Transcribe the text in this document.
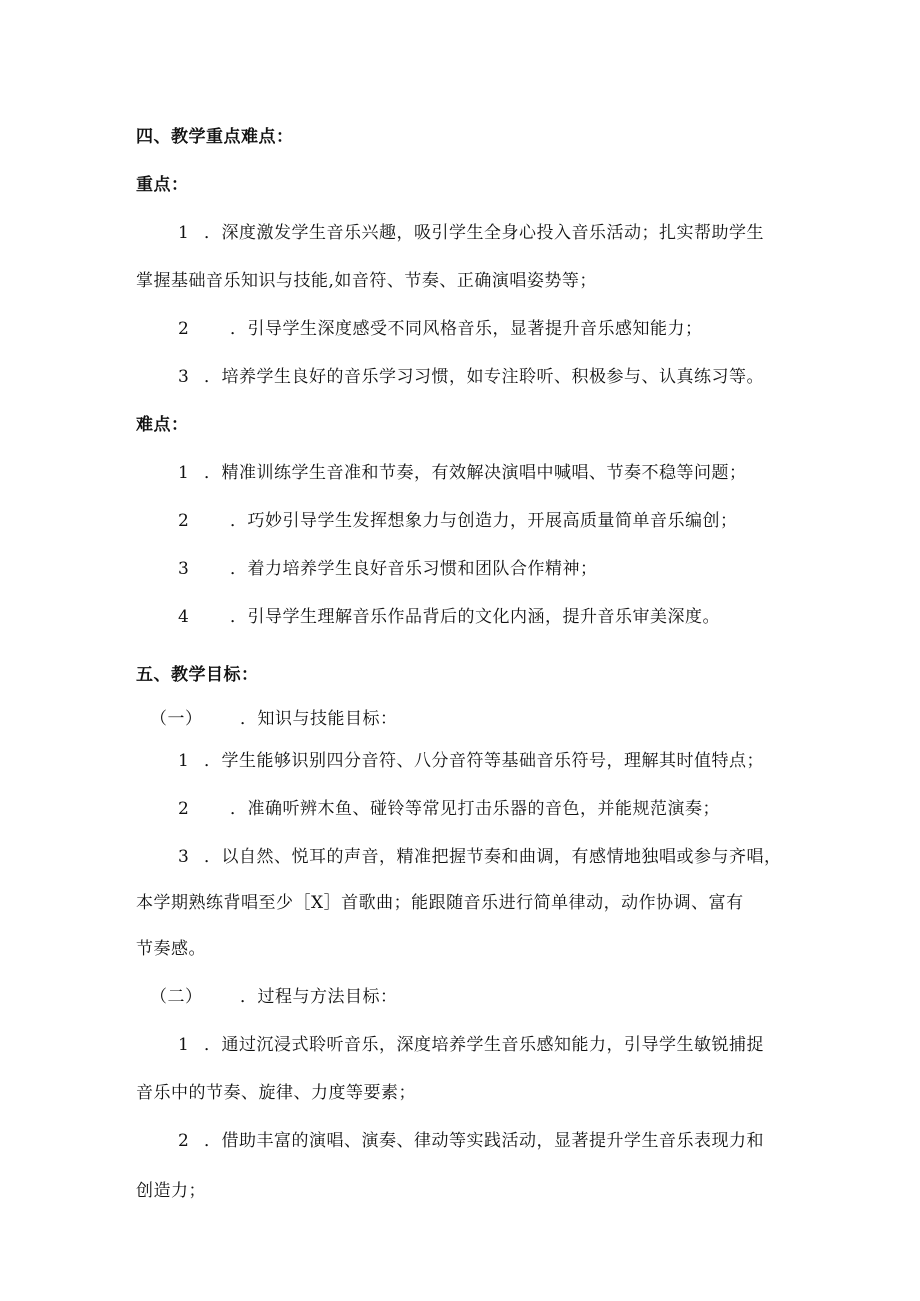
四、教学重点难点：
重点：
1 ．深度激发学生音乐兴趣，吸引学生全身心投入音乐活动；扎实帮助学生
掌握基础音乐知识与技能,如音符、节奏、正确演唱姿势等；
2 ．引导学生深度感受不同风格音乐，显著提升音乐感知能力；
3 ．培养学生良好的音乐学习习惯，如专注聆听、积极参与、认真练习等。
难点：
1 ．精准训练学生音准和节奏，有效解决演唱中喊唱、节奏不稳等问题；
2 ．巧妙引导学生发挥想象力与创造力，开展高质量简单音乐编创；
3 ．着力培养学生良好音乐习惯和团队合作精神；
4 ．引导学生理解音乐作品背后的文化内涵，提升音乐审美深度。
五、教学目标：
（一） ．知识与技能目标：
1 ．学生能够识别四分音符、八分音符等基础音乐符号，理解其时值特点；
2 ．准确听辨木鱼、碰铃等常见打击乐器的音色，并能规范演奏；
3 ．以自然、悦耳的声音，精准把握节奏和曲调，有感情地独唱或参与齐唱，
本学期熟练背唱至少［X］首歌曲；能跟随音乐进行简单律动，动作协调、富有
节奏感。
（二） ．过程与方法目标：
1 ．通过沉浸式聆听音乐，深度培养学生音乐感知能力，引导学生敏锐捕捉
音乐中的节奏、旋律、力度等要素；
2 ．借助丰富的演唱、演奏、律动等实践活动，显著提升学生音乐表现力和
创造力；
